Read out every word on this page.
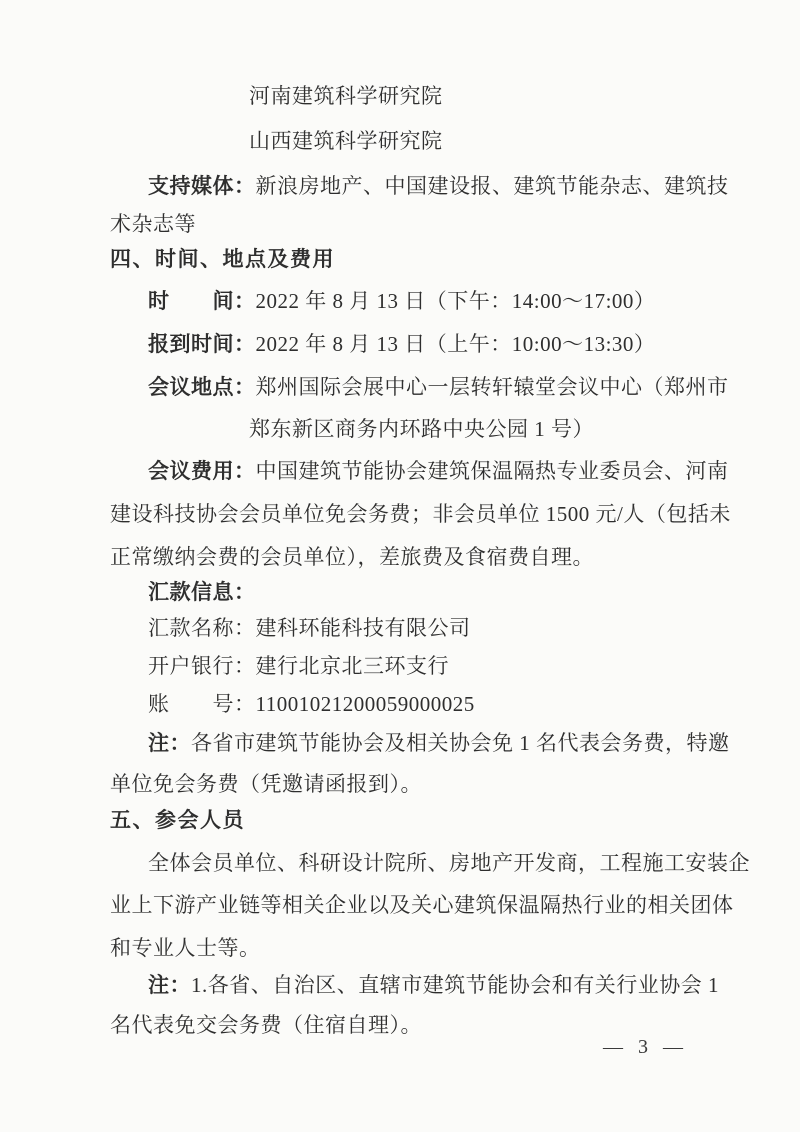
河南建筑科学研究院
山西建筑科学研究院
支持媒体：新浪房地产、中国建设报、建筑节能杂志、建筑技
术杂志等
四、时间、地点及费用
时　　间：2022 年 8 月 13 日（下午：14:00～17:00）
报到时间：2022 年 8 月 13 日（上午：10:00～13:30）
会议地点：郑州国际会展中心一层转轩辕堂会议中心（郑州市
郑东新区商务内环路中央公园 1 号）
会议费用：中国建筑节能协会建筑保温隔热专业委员会、河南
建设科技协会会员单位免会务费；非会员单位 1500 元/人（包括未
正常缴纳会费的会员单位），差旅费及食宿费自理。
汇款信息：
汇款名称：建科环能科技有限公司
开户银行：建行北京北三环支行
账　　号：11001021200059000025
注：各省市建筑节能协会及相关协会免 1 名代表会务费，特邀
单位免会务费（凭邀请函报到）。
五、参会人员
全体会员单位、科研设计院所、房地产开发商，工程施工安装企
业上下游产业链等相关企业以及关心建筑保温隔热行业的相关团体
和专业人士等。
注：1.各省、自治区、直辖市建筑节能协会和有关行业协会 1
名代表免交会务费（住宿自理）。
— 3 —
